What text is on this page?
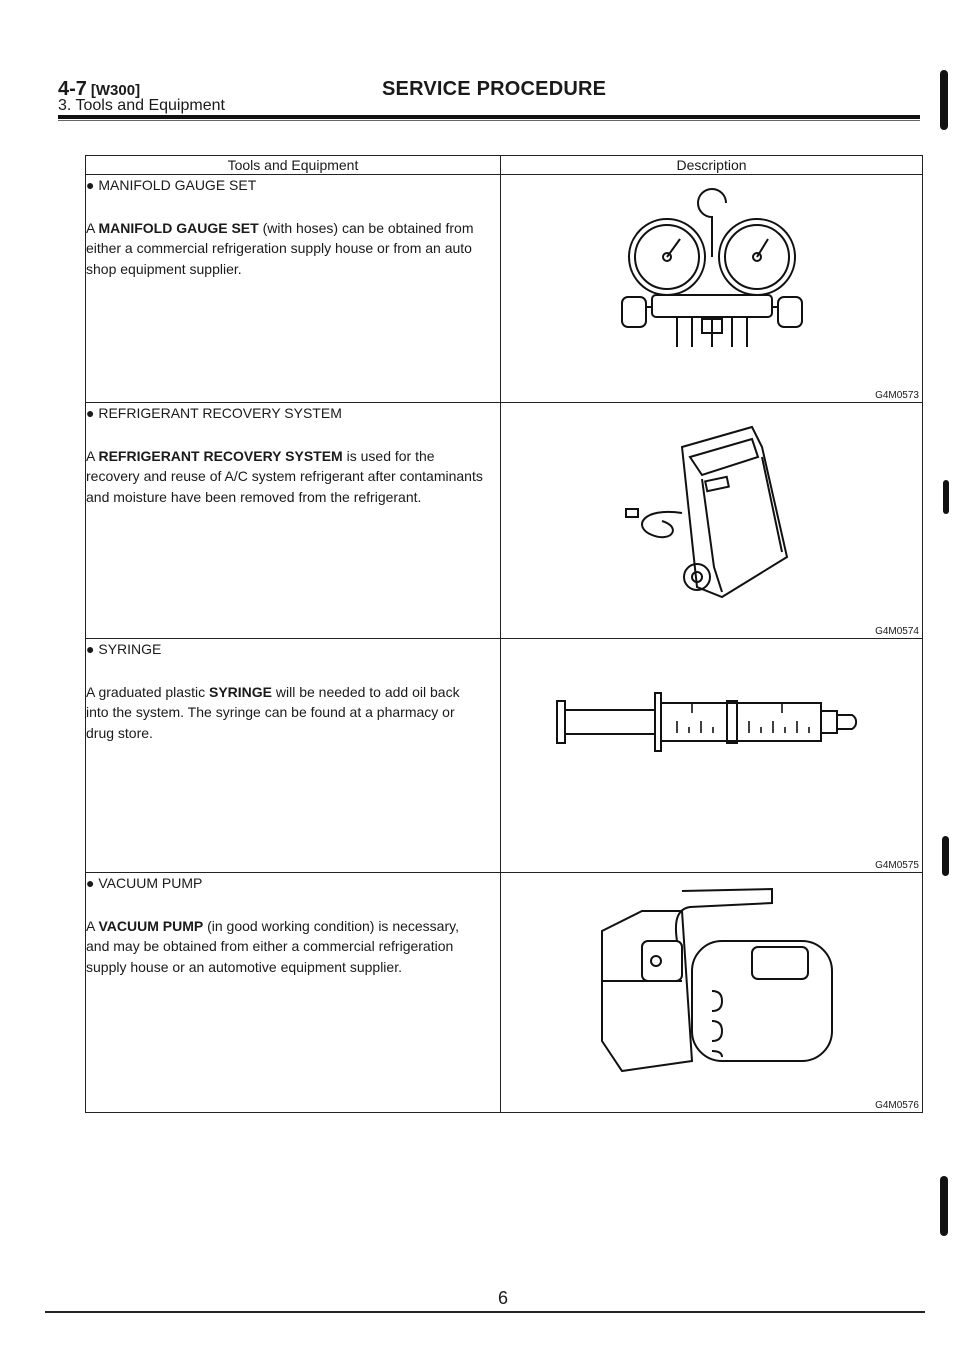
4-7 [W300]	SERVICE PROCEDURE
3. Tools and Equipment
Tools and Equipment	Description

● MANIFOLD GAUGE SET
A MANIFOLD GAUGE SET (with hoses) can be obtained from either a commercial refrigeration supply house or from an auto shop equipment supplier.	G4M0573

● REFRIGERANT RECOVERY SYSTEM
A REFRIGERANT RECOVERY SYSTEM is used for the recovery and reuse of A/C system refrigerant after contaminants and moisture have been removed from the refrigerant.	G4M0574

● SYRINGE
A graduated plastic SYRINGE will be needed to add oil back into the system. The syringe can be found at a pharmacy or drug store.	G4M0575

● VACUUM PUMP
A VACUUM PUMP (in good working condition) is necessary, and may be obtained from either a commercial refrigeration supply house or an automotive equipment supplier.	G4M0576
6
